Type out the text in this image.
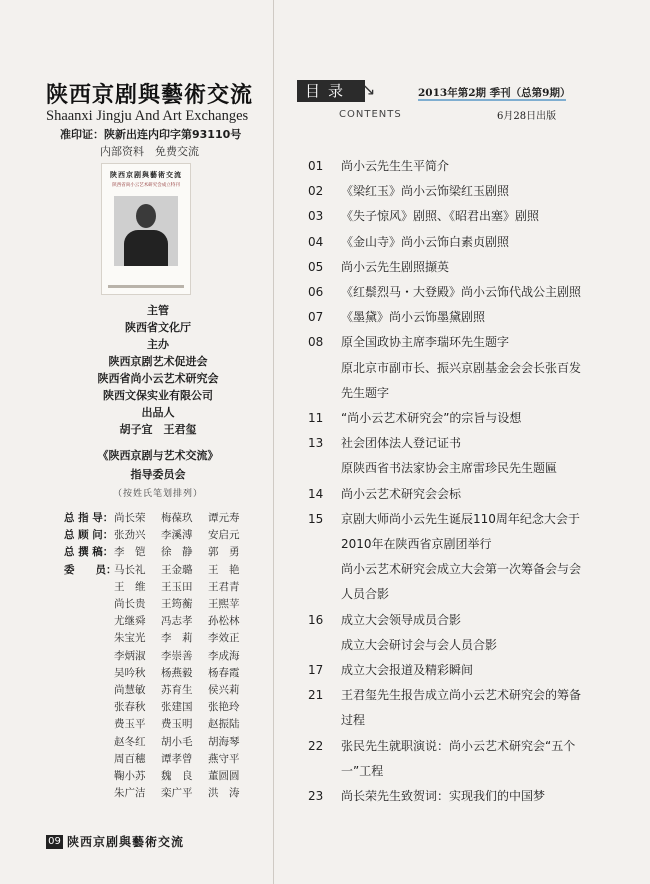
陕西京剧與藝術交流
Shaanxi Jingju And Art Exchanges
准印证：陕新出连内印字第93110号
内部资料　免费交流
陕西京剧與藝術交流
陕西省尚小云艺术研究会成立特刊
主管
陕西省文化厅
主办
陕西京剧艺术促进会
陕西省尚小云艺术研究会
陕西文保实业有限公司
出品人
胡子宜　王君玺
《陕西京剧与艺术交流》
指导委员会
（按姓氏笔划排列）
总 指 导：尚长荣 梅葆玖 谭元寿
总 顾 问：张劲兴 李溪溥 安启元
总 撰 稿：李　铠 徐　静 郭　勇
委　　员：马长礼 王金璐 王　艳
王　维 王玉田 王君青
尚长贵 王筠蘅 王熙苹
尤继舜 冯志孝 孙松林
朱宝光 李　莉 李效正
李炳淑 李崇善 李成海
吴吟秋 杨燕毅 杨春霞
尚慧敏 苏育生 侯兴莉
张春秋 张建国 张艳玲
费玉平 费玉明 赵振陆
赵冬红 胡小毛 胡海琴
周百穗 谭孝曾 燕守平
鞠小苏 魏　良 董圆圆
朱广洁 栾广平 洪　涛
09 陕西京剧與藝術交流
目录 ↘	2013年第2期 季刊（总第9期）
CONTENTS	6月28日出版
01 尚小云先生生平简介
02 《梁红玉》尚小云饰梁红玉剧照
03 《失子惊风》剧照、《昭君出塞》剧照
04 《金山寺》尚小云饰白素贞剧照
05 尚小云先生剧照撷英
06 《红鬃烈马・大登殿》尚小云饰代战公主剧照
07 《墨黛》尚小云饰墨黛剧照
08 原全国政协主席李瑞环先生题字
原北京市副市长、振兴京剧基金会会长张百发
先生题字
11 “尚小云艺术研究会”的宗旨与设想
13 社会团体法人登记证书
原陕西省书法家协会主席雷珍民先生题匾
14 尚小云艺术研究会会标
15 京剧大师尚小云先生诞辰110周年纪念大会于
2010年在陕西省京剧团举行
尚小云艺术研究会成立大会第一次筹备会与会
人员合影
16 成立大会领导成员合影
成立大会研讨会与会人员合影
17 成立大会报道及精彩瞬间
21 王君玺先生报告成立尚小云艺术研究会的筹备
过程
22 张民先生就职演说：尚小云艺术研究会“五个
一”工程
23 尚长荣先生致贺词：实现我们的中国梦
